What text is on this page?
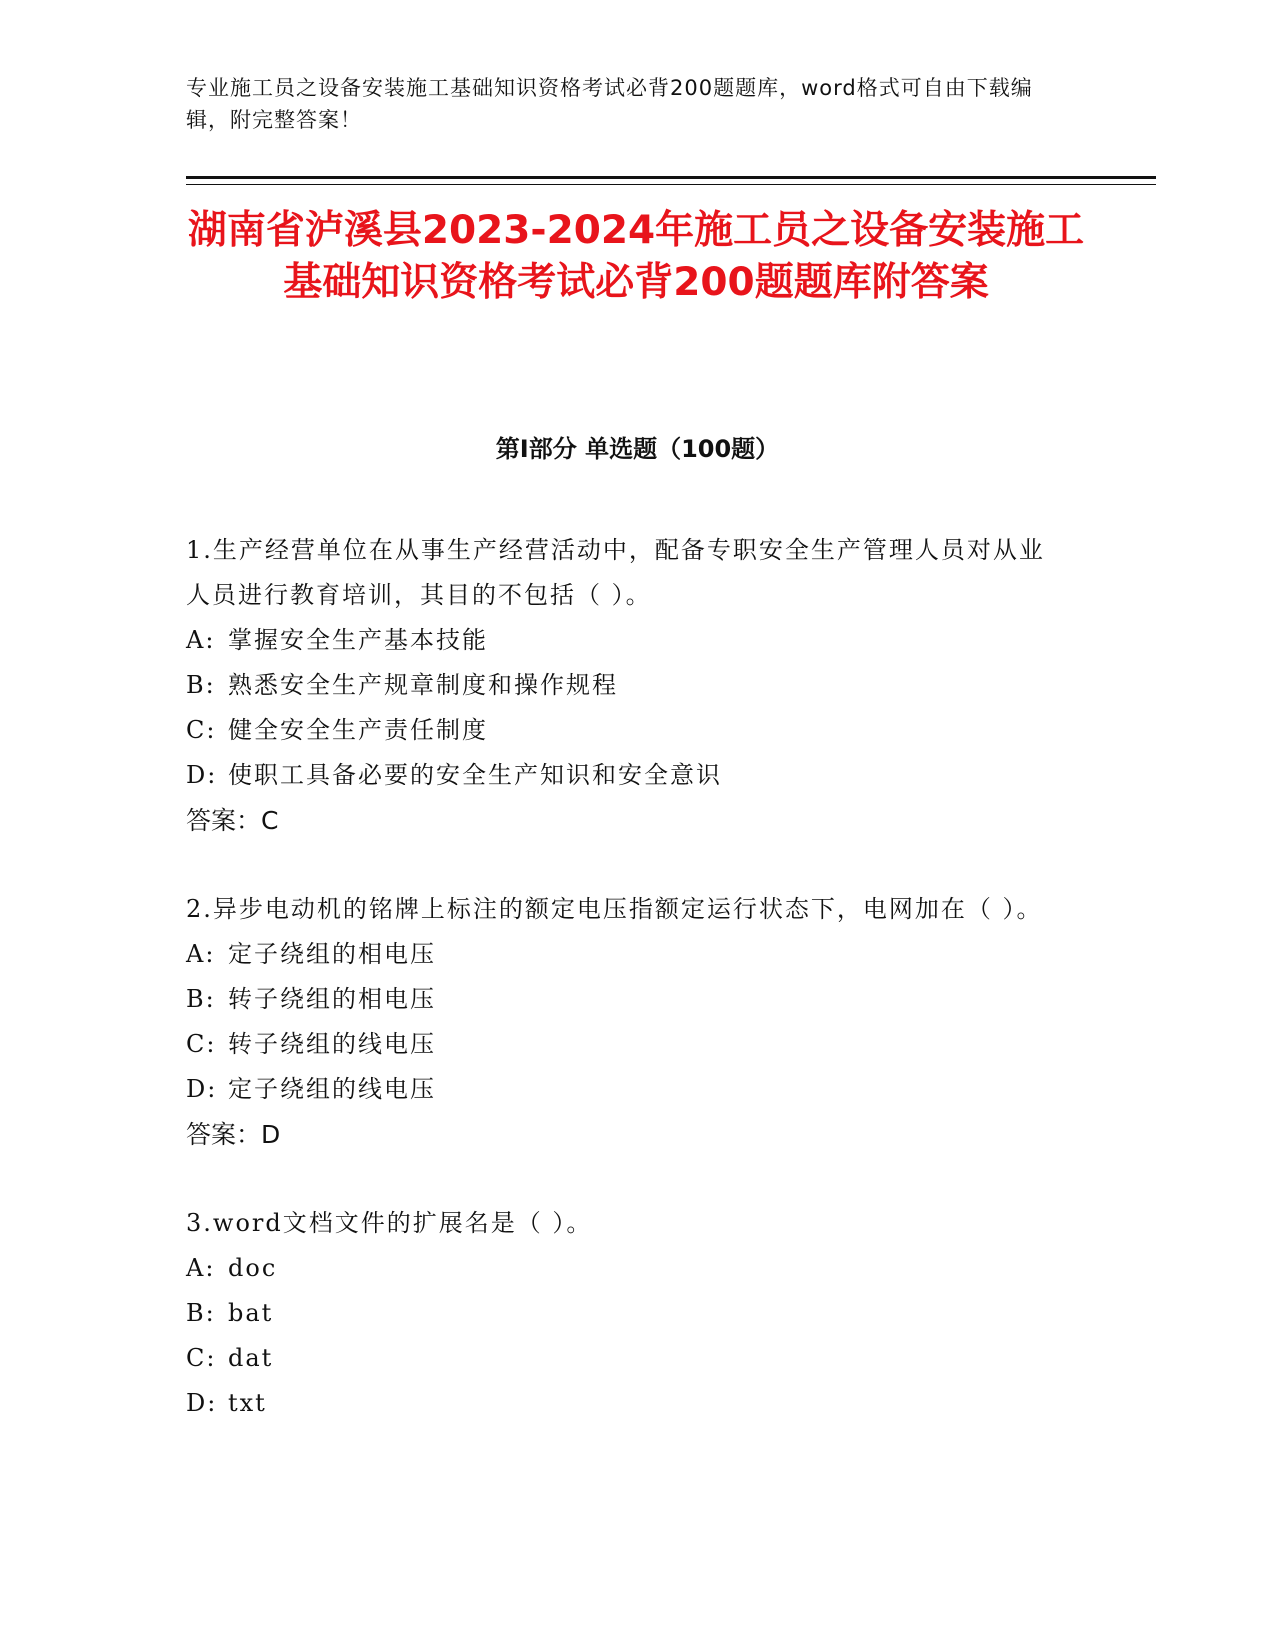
专业施工员之设备安装施工基础知识资格考试必背200题题库，word格式可自由下载编辑，附完整答案！
湖南省泸溪县2023-2024年施工员之设备安装施工基础知识资格考试必背200题题库附答案
第Ⅰ部分 单选题（100题）

1.生产经营单位在从事生产经营活动中，配备专职安全生产管理人员对从业人员进行教育培训，其目的不包括（ ）。

A: 掌握安全生产基本技能

B: 熟悉安全生产规章制度和操作规程

C: 健全安全生产责任制度

D: 使职工具备必要的安全生产知识和安全意识

答案：C

2.异步电动机的铭牌上标注的额定电压指额定运行状态下，电网加在（ ）。

A: 定子绕组的相电压

B: 转子绕组的相电压

C: 转子绕组的线电压

D: 定子绕组的线电压

答案：D

3.word文档文件的扩展名是（ ）。

A: doc

B: bat

C: dat

D: txt
